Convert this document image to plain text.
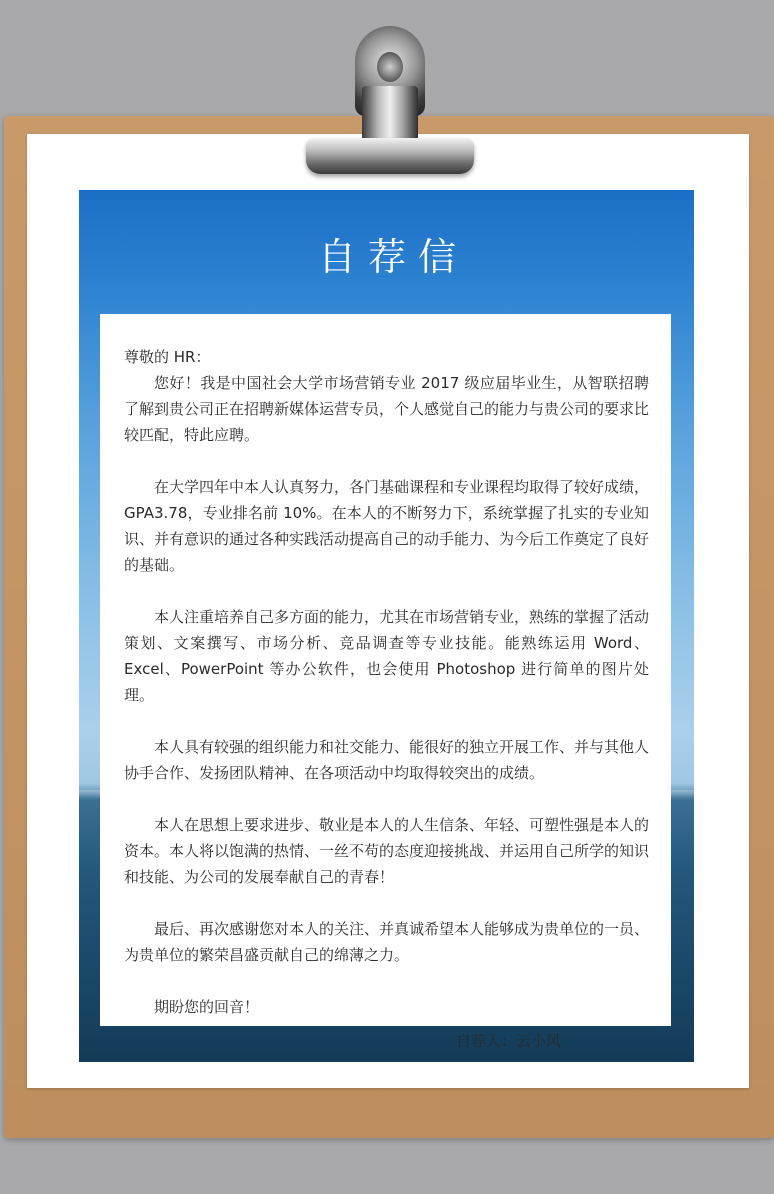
自荐信

尊敬的 HR：

您好！我是中国社会大学市场营销专业 2017 级应届毕业生，从智联招聘了解到贵公司正在招聘新媒体运营专员，个人感觉自己的能力与贵公司的要求比较匹配，特此应聘。

在大学四年中本人认真努力，各门基础课程和专业课程均取得了较好成绩，GPA3.78，专业排名前 10%。在本人的不断努力下，系统掌握了扎实的专业知识、并有意识的通过各种实践活动提高自己的动手能力、为今后工作奠定了良好的基础。

本人注重培养自己多方面的能力，尤其在市场营销专业，熟练的掌握了活动策划、文案撰写、市场分析、竞品调查等专业技能。能熟练运用 Word、Excel、PowerPoint 等办公软件，也会使用 Photoshop 进行简单的图片处理。

本人具有较强的组织能力和社交能力、能很好的独立开展工作、并与其他人协手合作、发扬团队精神、在各项活动中均取得较突出的成绩。

本人在思想上要求进步、敬业是本人的人生信条、年轻、可塑性强是本人的资本。本人将以饱满的热情、一丝不苟的态度迎接挑战、并运用自己所学的知识和技能、为公司的发展奉献自己的青春！

最后、再次感谢您对本人的关注、并真诚希望本人能够成为贵单位的一员、为贵单位的繁荣昌盛贡献自己的绵薄之力。

期盼您的回音！

自荐人：云小风
